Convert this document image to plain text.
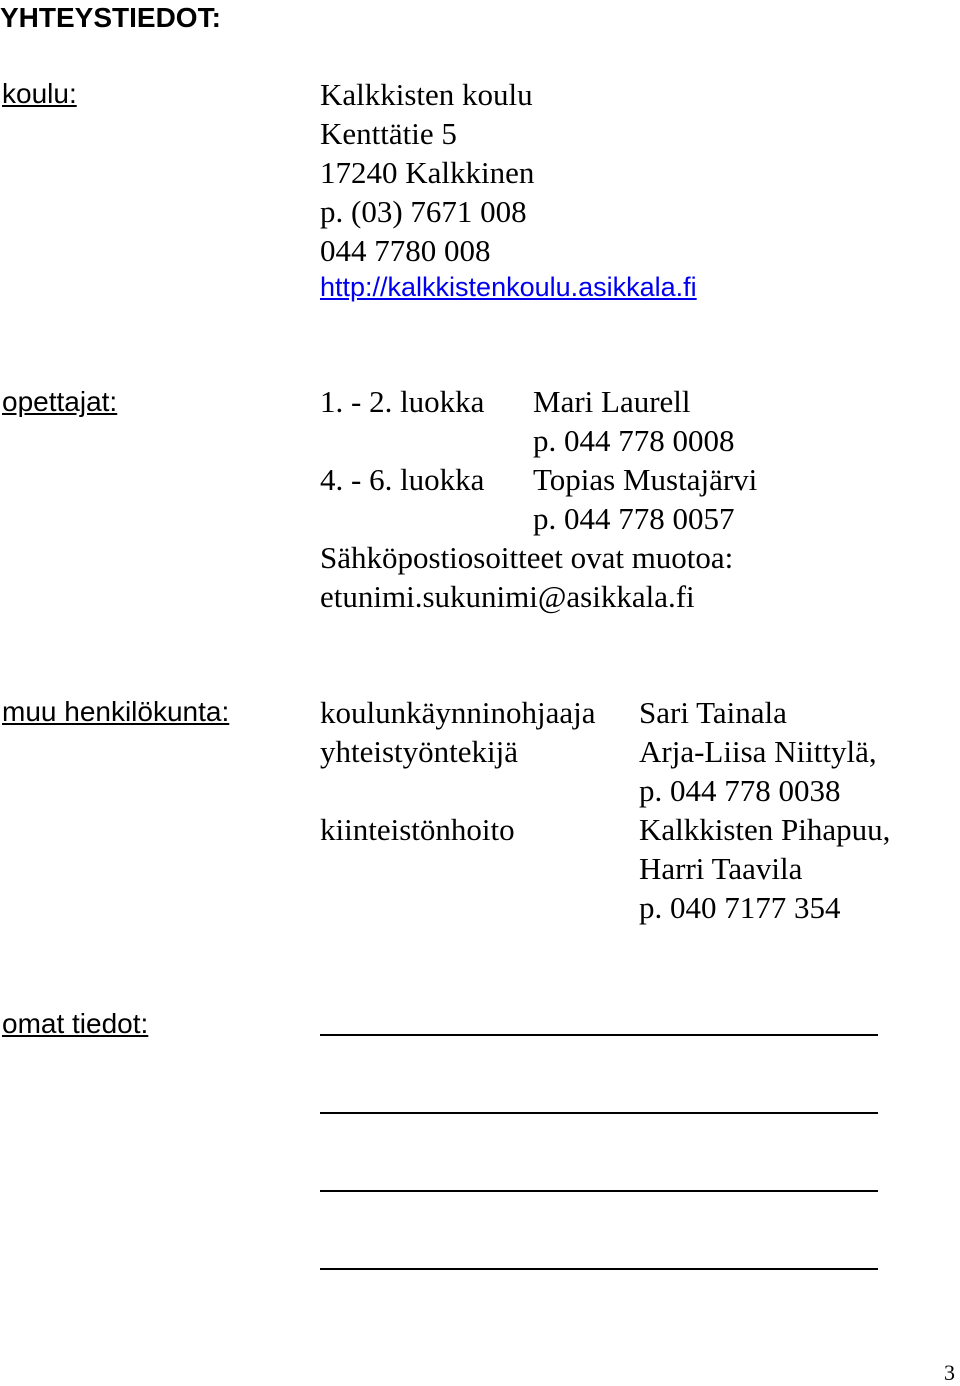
YHTEYSTIEDOT:
koulu:	Kalkkisten koulu
Kenttätie 5
17240 Kalkkinen
p. (03) 7671 008
044 7780 008
http://kalkkistenkoulu.asikkala.fi
opettajat:	1. - 2. luokka Mari Laurell
p. 044 778 0008
4. - 6. luokka Topias Mustajärvi
p. 044 778 0057
Sähköpostiosoitteet ovat muotoa:
etunimi.sukunimi@asikkala.fi
muu henkilökunta:	koulunkäynninohjaaja Sari Tainala
yhteistyöntekijä	Arja-Liisa Niittylä,
p. 044 778 0038
kiinteistönhoito	Kalkkisten Pihapuu,
Harri Taavila
p. 040 7177 354
omat tiedot:
3
